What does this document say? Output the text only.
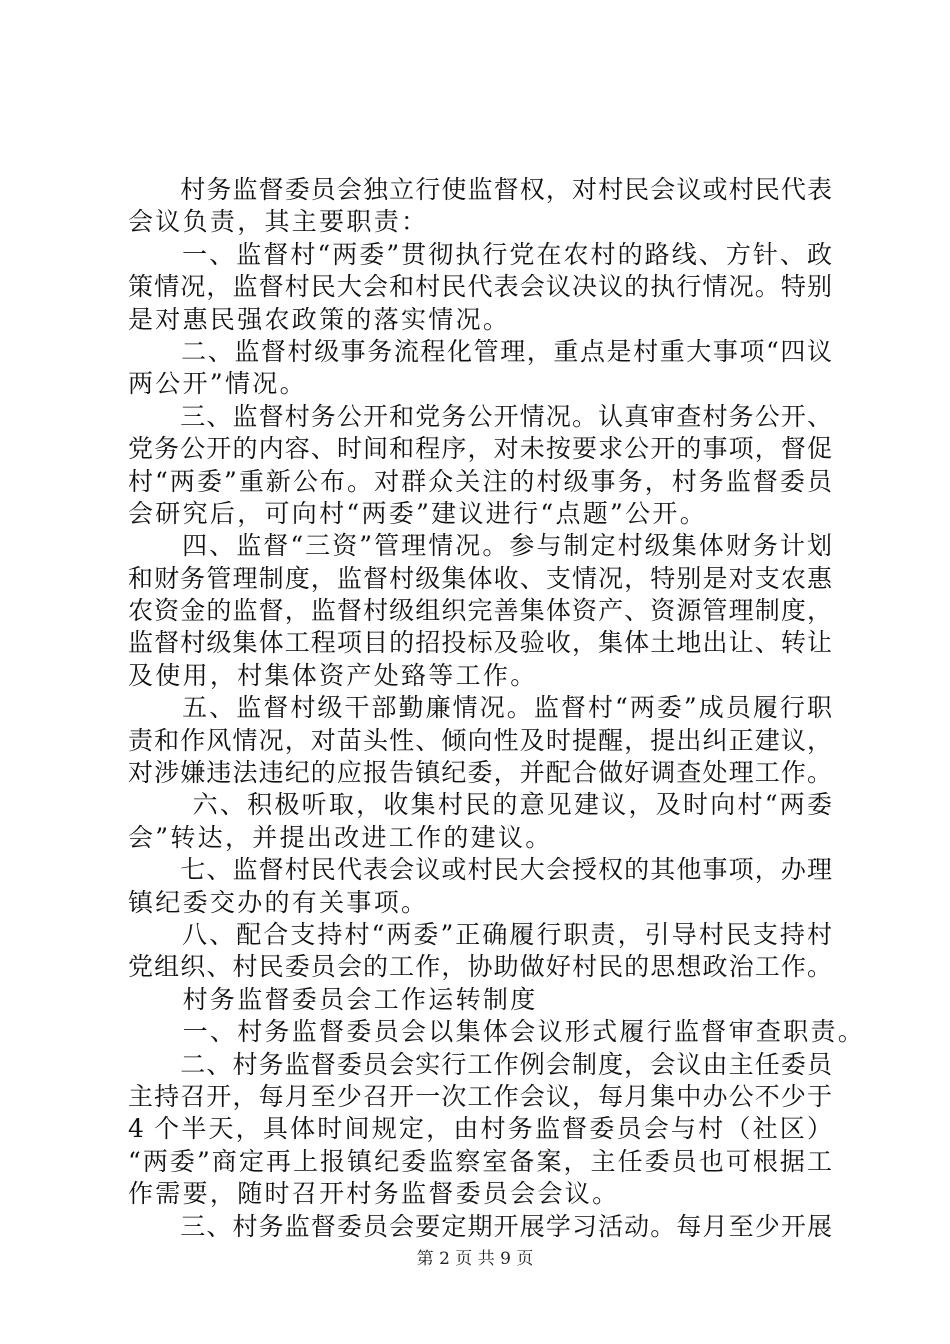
　　村务监督委员会独立行使监督权，对村民会议或村民代表
会议负责，其主要职责：
　　一、监督村“两委”贯彻执行党在农村的路线、方针、政
策情况，监督村民大会和村民代表会议决议的执行情况。特别
是对惠民强农政策的落实情况。
　　二、监督村级事务流程化管理，重点是村重大事项“四议
两公开”情况。
　　三、监督村务公开和党务公开情况。认真审查村务公开、
党务公开的内容、时间和程序，对未按要求公开的事项，督促
村“两委”重新公布。对群众关注的村级事务，村务监督委员
会研究后，可向村“两委”建议进行“点题”公开。
　　四、监督“三资”管理情况。参与制定村级集体财务计划
和财务管理制度，监督村级集体收、支情况，特别是对支农惠
农资金的监督，监督村级组织完善集体资产、资源管理制度，
监督村级集体工程项目的招投标及验收，集体土地出让、转让
及使用，村集体资产处臵等工作。
　　五、监督村级干部勤廉情况。监督村“两委”成员履行职
责和作风情况，对苗头性、倾向性及时提醒，提出纠正建议，
对涉嫌违法违纪的应报告镇纪委，并配合做好调查处理工作。
　　 六、积极听取，收集村民的意见建议，及时向村“两委
会”转达，并提出改进工作的建议。
　　七、监督村民代表会议或村民大会授权的其他事项，办理
镇纪委交办的有关事项。
　　八、配合支持村“两委”正确履行职责，引导村民支持村
党组织、村民委员会的工作，协助做好村民的思想政治工作。
　　村务监督委员会工作运转制度
　　一、村务监督委员会以集体会议形式履行监督审查职责。
　　二、村务监督委员会实行工作例会制度，会议由主任委员
主持召开，每月至少召开一次工作会议，每月集中办公不少于
4 个半天，具体时间规定，由村务监督委员会与村（社区）
“两委”商定再上报镇纪委监察室备案，主任委员也可根据工
作需要，随时召开村务监督委员会会议。
　　三、村务监督委员会要定期开展学习活动。每月至少开展
第 2 页 共 9 页
